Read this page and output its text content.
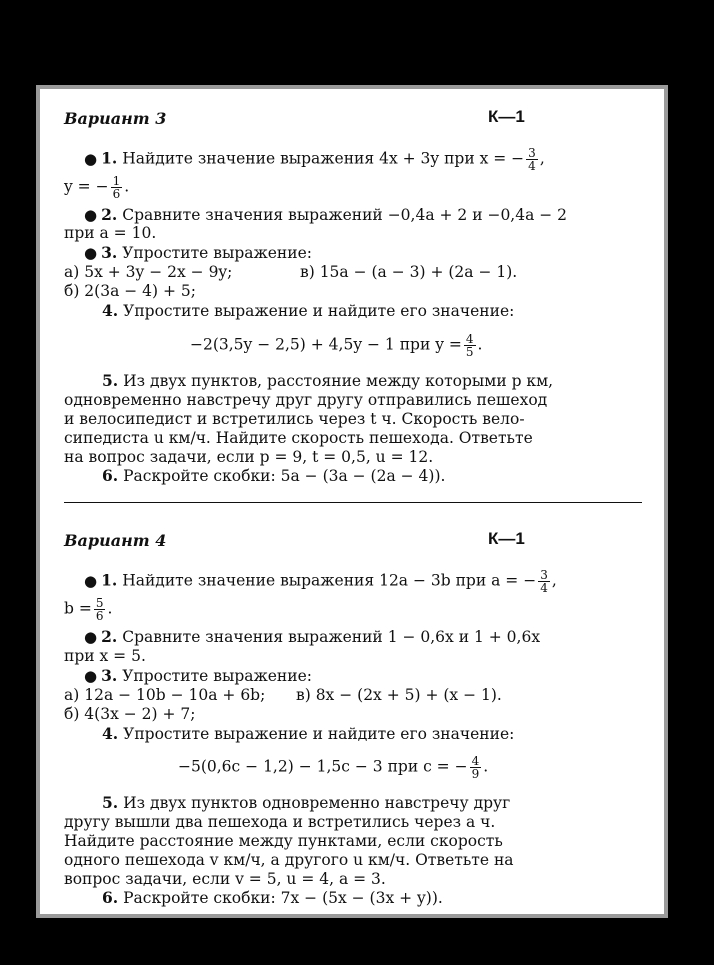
Вариант 3	К—1
● 1. Найдите значение выражения 4x + 3y при x = − $\frac{3}{4}$ ,
y = − $\frac{1}{6}$ .
● 2. Сравните значения выражений −0,4a + 2 и −0,4a − 2
при a = 10.
● 3. Упростите выражение:
а) 5x + 3y − 2x − 9y;	в) 15a − (a − 3) + (2a − 1).
б) 2(3a − 4) + 5;
4. Упростите выражение и найдите его значение:
−2(3,5y − 2,5) + 4,5y − 1 при $y = \frac{4}{5}$ .
5. Из двух пунктов, расстояние между которыми p км,
одновременно навстречу друг другу отправились пешеход
и велосипедист и встретились через t ч. Скорость вело-
сипедиста u км/ч. Найдите скорость пешехода. Ответьте
на вопрос задачи, если p = 9, t = 0,5, u = 12.
6. Раскройте скобки: 5a − (3a − (2a − 4)).
Вариант 4	К—1
● 1. Найдите значение выражения 12a − 3b при a = − $\frac{3}{4}$ ,
$b = \frac{5}{6}$ .
● 2. Сравните значения выражений 1 − 0,6x и 1 + 0,6x
при x = 5.
● 3. Упростите выражение:
а) 12a − 10b − 10a + 6b; в) 8x − (2x + 5) + (x − 1).
б) 4(3x − 2) + 7;
4. Упростите выражение и найдите его значение:
−5(0,6c − 1,2) − 1,5c − 3 при c = − $\frac{4}{9}$ .
5. Из двух пунктов одновременно навстречу друг
другу вышли два пешехода и встретились через a ч.
Найдите расстояние между пунктами, если скорость
одного пешехода v км/ч, а другого u км/ч. Ответьте на
вопрос задачи, если v = 5, u = 4, a = 3.
6. Раскройте скобки: 7x − (5x − (3x + y)).
